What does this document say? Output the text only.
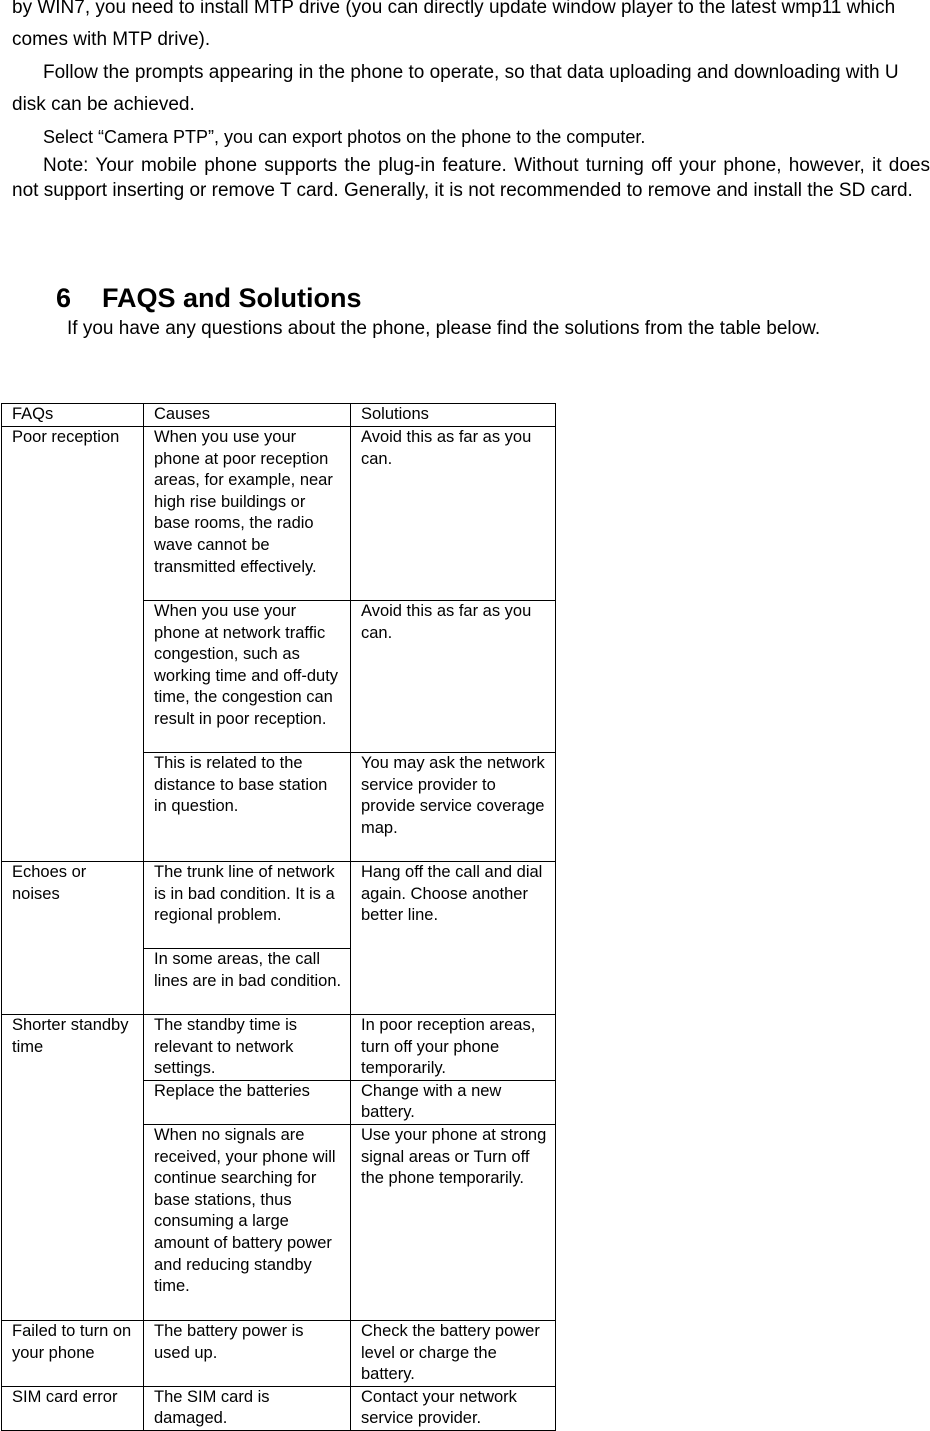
by WIN7, you need to install MTP drive (you can directly update window player to the latest wmp11 which comes with MTP drive).

Follow the prompts appearing in the phone to operate, so that data uploading and downloading with U disk can be achieved.

Select “Camera PTP”, you can export photos on the phone to the computer.

Note: Your mobile phone supports the plug-in feature. Without turning off your phone, however, it does not support inserting or remove T card. Generally, it is not recommended to remove and install the SD card.

6 FAQS and Solutions

If you have any questions about the phone, please find the solutions from the table below.

FAQs	Causes	Solutions
Poor reception	When you use your phone at poor reception areas, for example, near high rise buildings or base rooms, the radio wave cannot be transmitted effectively.	Avoid this as far as you can.
	When you use your phone at network traffic congestion, such as working time and off-duty time, the congestion can result in poor reception.	Avoid this as far as you can.
	This is related to the distance to base station in question.	You may ask the network service provider to provide service coverage map.
Echoes or noises	The trunk line of network is in bad condition. It is a regional problem.	Hang off the call and dial again. Choose another better line.
	In some areas, the call lines are in bad condition.	
Shorter standby time	The standby time is relevant to network settings.	In poor reception areas, turn off your phone temporarily.
	Replace the batteries	Change with a new battery.
	When no signals are received, your phone will continue searching for base stations, thus consuming a large amount of battery power and reducing standby time.	Use your phone at strong signal areas or Turn off the phone temporarily.
Failed to turn on your phone	The battery power is used up.	Check the battery power level or charge the battery.
SIM card error	The SIM card is damaged.	Contact your network service provider.
